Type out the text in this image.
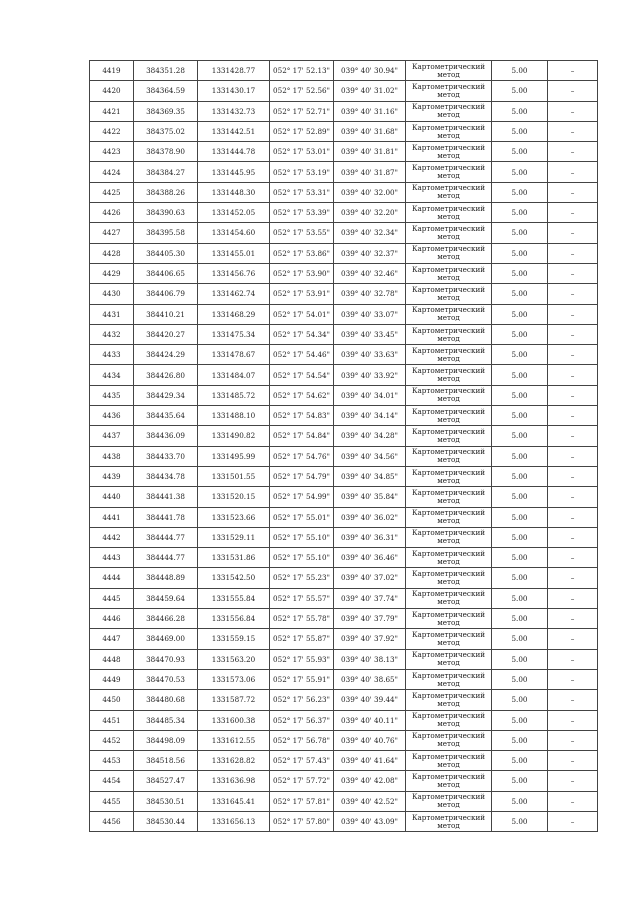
4419	384351.28	1331428.77	052° 17' 52.13"	039° 40' 30.94"	Картометрический метод	5.00	–
4420	384364.59	1331430.17	052° 17' 52.56"	039° 40' 31.02"	Картометрический метод	5.00	–
4421	384369.35	1331432.73	052° 17' 52.71"	039° 40' 31.16"	Картометрический метод	5.00	–
4422	384375.02	1331442.51	052° 17' 52.89"	039° 40' 31.68"	Картометрический метод	5.00	–
4423	384378.90	1331444.78	052° 17' 53.01"	039° 40' 31.81"	Картометрический метод	5.00	–
4424	384384.27	1331445.95	052° 17' 53.19"	039° 40' 31.87"	Картометрический метод	5.00	–
4425	384388.26	1331448.30	052° 17' 53.31"	039° 40' 32.00"	Картометрический метод	5.00	–
4426	384390.63	1331452.05	052° 17' 53.39"	039° 40' 32.20"	Картометрический метод	5.00	–
4427	384395.58	1331454.60	052° 17' 53.55"	039° 40' 32.34"	Картометрический метод	5.00	–
4428	384405.30	1331455.01	052° 17' 53.86"	039° 40' 32.37"	Картометрический метод	5.00	–
4429	384406.65	1331456.76	052° 17' 53.90"	039° 40' 32.46"	Картометрический метод	5.00	–
4430	384406.79	1331462.74	052° 17' 53.91"	039° 40' 32.78"	Картометрический метод	5.00	–
4431	384410.21	1331468.29	052° 17' 54.01"	039° 40' 33.07"	Картометрический метод	5.00	–
4432	384420.27	1331475.34	052° 17' 54.34"	039° 40' 33.45"	Картометрический метод	5.00	–
4433	384424.29	1331478.67	052° 17' 54.46"	039° 40' 33.63"	Картометрический метод	5.00	–
4434	384426.80	1331484.07	052° 17' 54.54"	039° 40' 33.92"	Картометрический метод	5.00	–
4435	384429.34	1331485.72	052° 17' 54.62"	039° 40' 34.01"	Картометрический метод	5.00	–
4436	384435.64	1331488.10	052° 17' 54.83"	039° 40' 34.14"	Картометрический метод	5.00	–
4437	384436.09	1331490.82	052° 17' 54.84"	039° 40' 34.28"	Картометрический метод	5.00	–
4438	384433.70	1331495.99	052° 17' 54.76"	039° 40' 34.56"	Картометрический метод	5.00	–
4439	384434.78	1331501.55	052° 17' 54.79"	039° 40' 34.85"	Картометрический метод	5.00	–
4440	384441.38	1331520.15	052° 17' 54.99"	039° 40' 35.84"	Картометрический метод	5.00	–
4441	384441.78	1331523.66	052° 17' 55.01"	039° 40' 36.02"	Картометрический метод	5.00	–
4442	384444.77	1331529.11	052° 17' 55.10"	039° 40' 36.31"	Картометрический метод	5.00	–
4443	384444.77	1331531.86	052° 17' 55.10"	039° 40' 36.46"	Картометрический метод	5.00	–
4444	384448.89	1331542.50	052° 17' 55.23"	039° 40' 37.02"	Картометрический метод	5.00	–
4445	384459.64	1331555.84	052° 17' 55.57"	039° 40' 37.74"	Картометрический метод	5.00	–
4446	384466.28	1331556.84	052° 17' 55.78"	039° 40' 37.79"	Картометрический метод	5.00	–
4447	384469.00	1331559.15	052° 17' 55.87"	039° 40' 37.92"	Картометрический метод	5.00	–
4448	384470.93	1331563.20	052° 17' 55.93"	039° 40' 38.13"	Картометрический метод	5.00	–
4449	384470.53	1331573.06	052° 17' 55.91"	039° 40' 38.65"	Картометрический метод	5.00	–
4450	384480.68	1331587.72	052° 17' 56.23"	039° 40' 39.44"	Картометрический метод	5.00	–
4451	384485.34	1331600.38	052° 17' 56.37"	039° 40' 40.11"	Картометрический метод	5.00	–
4452	384498.09	1331612.55	052° 17' 56.78"	039° 40' 40.76"	Картометрический метод	5.00	–
4453	384518.56	1331628.82	052° 17' 57.43"	039° 40' 41.64"	Картометрический метод	5.00	–
4454	384527.47	1331636.98	052° 17' 57.72"	039° 40' 42.08"	Картометрический метод	5.00	–
4455	384530.51	1331645.41	052° 17' 57.81"	039° 40' 42.52"	Картометрический метод	5.00	–
4456	384530.44	1331656.13	052° 17' 57.80"	039° 40' 43.09"	Картометрический метод	5.00	–
